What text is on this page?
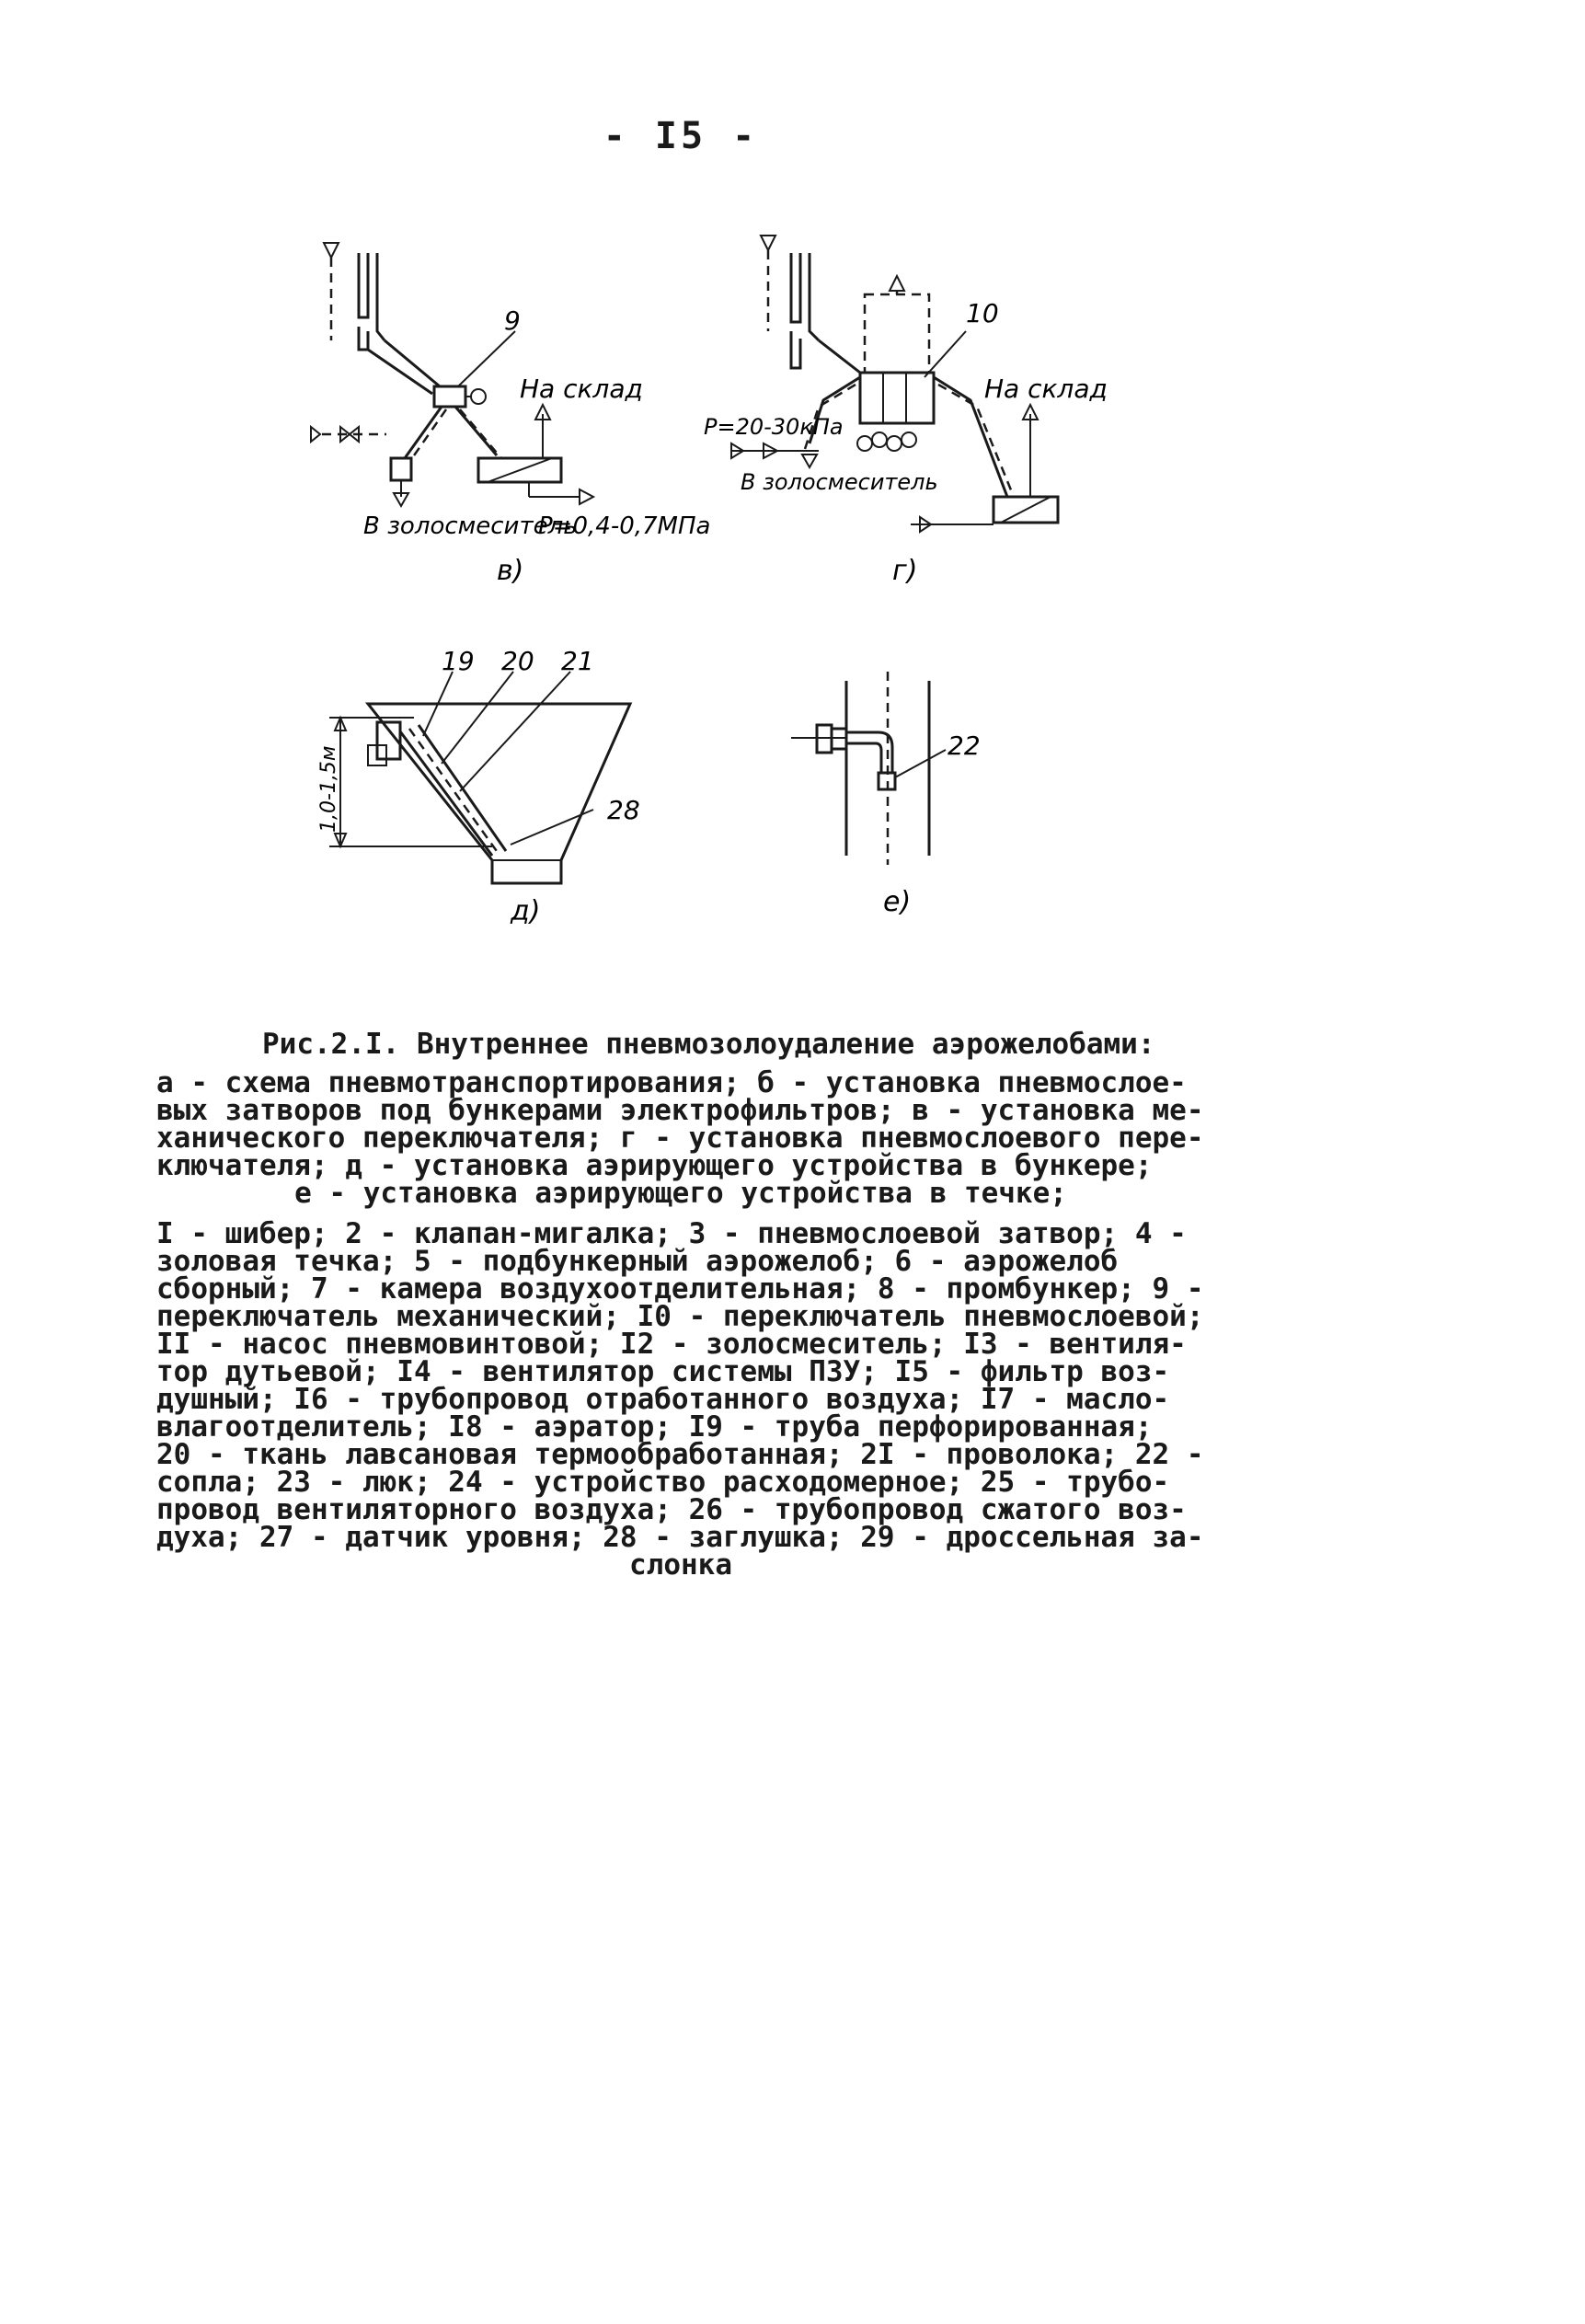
- I5 -
9
На склад
В золосмеситель
Р=0,4-0,7МПа
в)
10
Р=20-30кПа
В золосмеситель
На склад
г)
19 20 21
28
1,0-1,5м
д)
22
е)
Рис.2.I. Внутреннее пневмозолоудаление аэрожелобами:
а - схема пневмотранспортирования; б - установка пневмослое-
вых затворов под бункерами электрофильтров; в - установка ме-
ханического переключателя; г - установка пневмослоевого пере-
ключателя; д - установка аэрирующего устройства в бункере;
е - установка аэрирующего устройства в течке;
I - шибер; 2 - клапан-мигалка; 3 - пневмослоевой затвор; 4 -
золовая течка; 5 - подбункерный аэрожелоб; 6 - аэрожелоб
сборный; 7 - камера воздухоотделительная; 8 - промбункер; 9 -
переключатель механический; I0 - переключатель пневмослоевой;
II - насос пневмовинтовой; I2 - золосмеситель; I3 - вентиля-
тор дутьевой; I4 - вентилятор системы ПЗУ; I5 - фильтр воз-
душный; I6 - трубопровод отработанного воздуха; I7 - масло-
влагоотделитель; I8 - аэратор; I9 - труба перфорированная;
20 - ткань лавсановая термообработанная; 2I - проволока; 22 -
сопла; 23 - люк; 24 - устройство расходомерное; 25 - трубо-
провод вентиляторного воздуха; 26 - трубопровод сжатого воз-
духа; 27 - датчик уровня; 28 - заглушка; 29 - дроссельная за-
слонка
